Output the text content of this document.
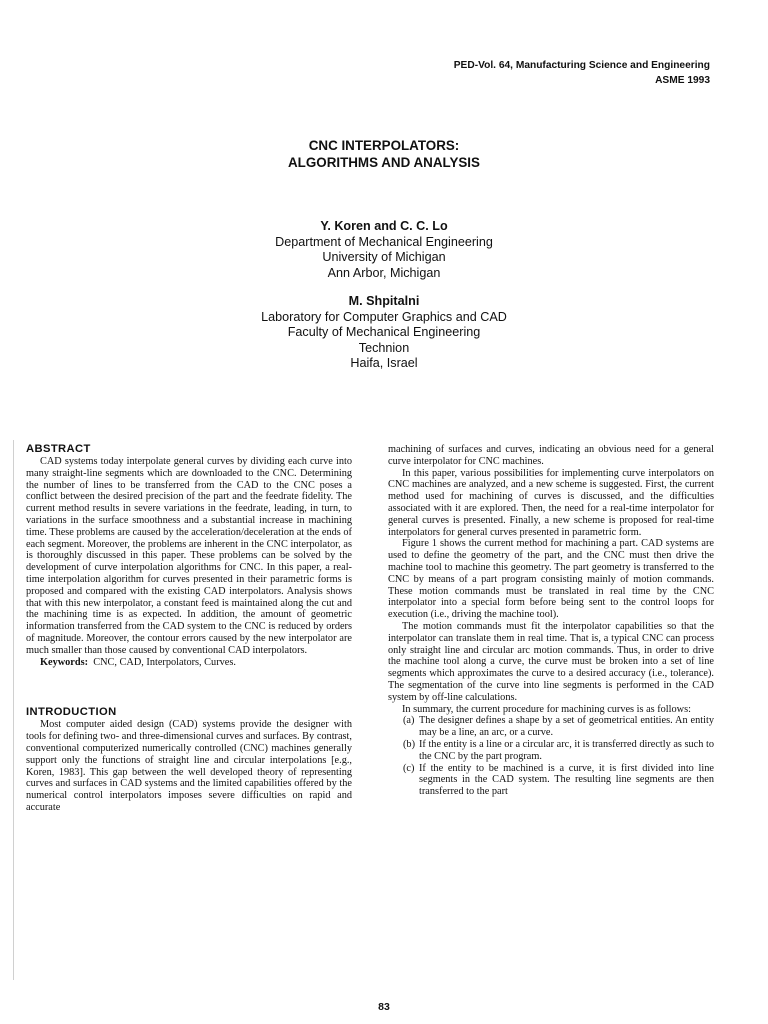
PED-Vol. 64, Manufacturing Science and Engineering
ASME 1993
CNC INTERPOLATORS:
ALGORITHMS AND ANALYSIS
Y. Koren and C. C. Lo
Department of Mechanical Engineering
University of Michigan
Ann Arbor, Michigan
M. Shpitalni
Laboratory for Computer Graphics and CAD
Faculty of Mechanical Engineering
Technion
Haifa, Israel
ABSTRACT

CAD systems today interpolate general curves by dividing each curve into many straight-line segments which are downloaded to the CNC. Determining the number of lines to be transferred from the CAD to the CNC poses a conflict between the desired precision of the part and the feedrate fidelity. The current method results in severe variations in the feedrate, leading, in turn, to variations in the surface smoothness and a substantial increase in machining time. These problems are caused by the acceleration/deceleration at the ends of each segment. Moreover, the problems are inherent in the CNC interpolator, as is thoroughly discussed in this paper. These problems can be solved by the development of curve interpolation algorithms for CNC. In this paper, a real-time interpolation algorithm for curves presented in their parametric forms is proposed and compared with the existing CAD interpolators. Analysis shows that with this new interpolator, a constant feed is maintained along the cut and the machining time is as expected. In addition, the amount of geometric information transferred from the CAD system to the CNC is reduced by orders of magnitude. Moreover, the contour errors caused by the new interpolator are much smaller than those caused by conventional CAD interpolators.

Keywords: CNC, CAD, Interpolators, Curves.

INTRODUCTION

Most computer aided design (CAD) systems provide the designer with tools for defining two- and three-dimensional curves and surfaces. By contrast, conventional computerized numerically controlled (CNC) machines generally support only the functions of straight line and circular interpolations [e.g., Koren, 1983]. This gap between the well developed theory of representing curves and surfaces in CAD systems and the limited capabilities offered by the numerical control interpolators imposes severe difficulties on rapid and accurate

machining of surfaces and curves, indicating an obvious need for a general curve interpolator for CNC machines.

In this paper, various possibilities for implementing curve interpolators on CNC machines are analyzed, and a new scheme is suggested. First, the current method used for machining of curves is discussed, and the difficulties associated with it are explored. Then, the need for a real-time interpolator for general curves is presented. Finally, a new scheme is proposed for real-time interpolators for general curves presented in parametric form.

Figure 1 shows the current method for machining a part. CAD systems are used to define the geometry of the part, and the CNC must then drive the machine tool to machine this geometry. The part geometry is transferred to the CNC by means of a part program consisting mainly of motion commands. These motion commands must be translated in real time by the CNC interpolator into a special form before being sent to the control loops for execution (i.e., driving the machine tool).

The motion commands must fit the interpolator capabilities so that the interpolator can translate them in real time. That is, a typical CNC can process only straight line and circular arc motion commands. Thus, in order to drive the machine tool along a curve, the curve must be broken into a set of line segments which approximates the curve to a desired accuracy (i.e., tolerance). The segmentation of the curve into line segments is performed in the CAD system by off-line calculations.

In summary, the current procedure for machining curves is as follows:

(a) The designer defines a shape by a set of geometrical entities. An entity may be a line, an arc, or a curve.
(b) If the entity is a line or a circular arc, it is transferred directly as such to the CNC by the part program.
(c) If the entity to be machined is a curve, it is first divided into line segments in the CAD system. The resulting line segments are then transferred to the part
83
